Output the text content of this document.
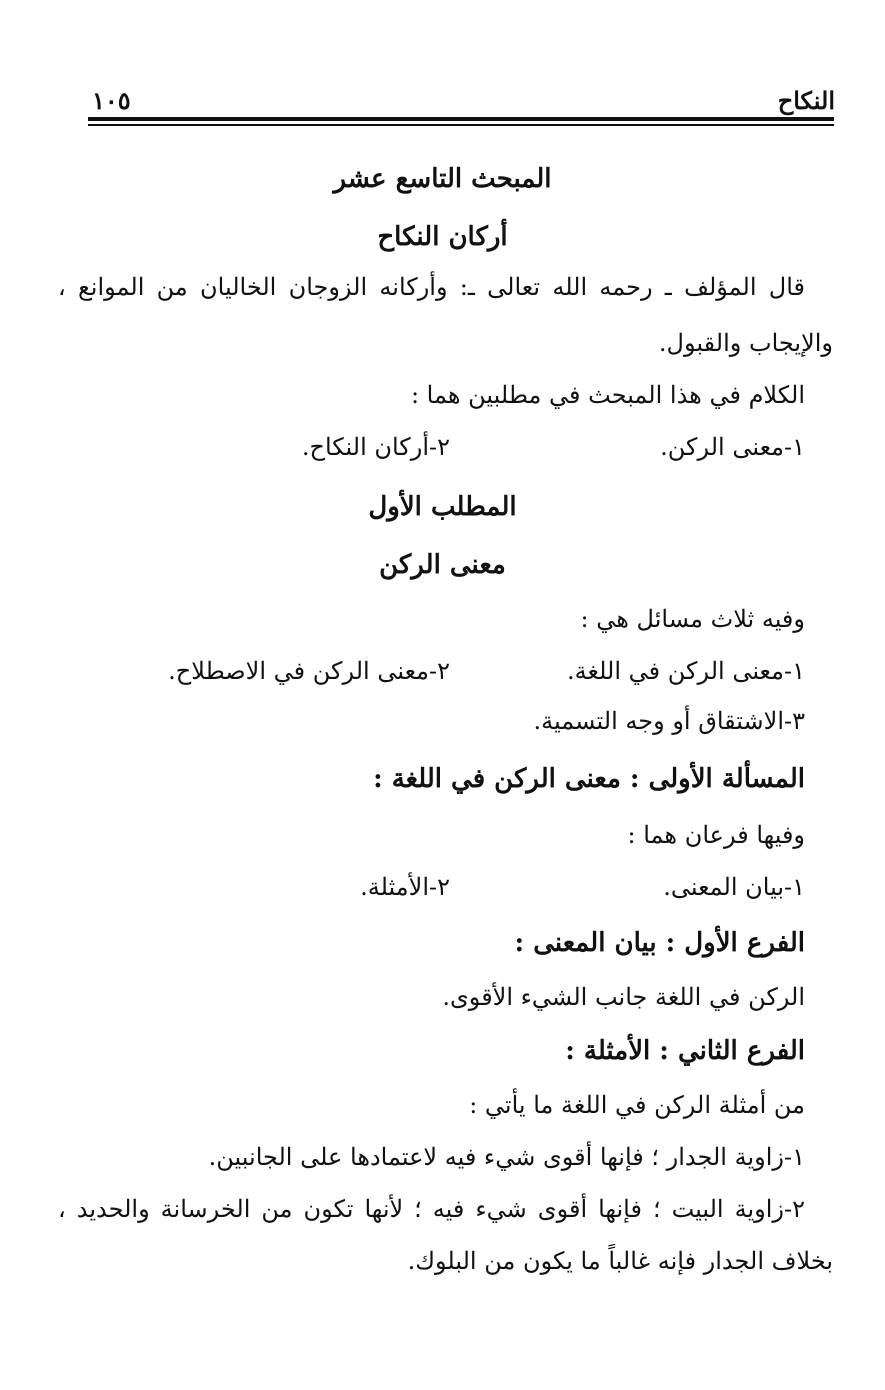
النكاح
١٠٥
المبحث التاسع عشر
أركان النكاح
قال المؤلف ـ رحمه الله تعالى ـ: وأركانه الزوجان الخاليان من الموانع ،
والإيجاب والقبول.
الكلام في هذا المبحث في مطلبين هما :
١-معنى الركن.
٢-أركان النكاح.
المطلب الأول
معنى الركن
وفيه ثلاث مسائل هي :
١-معنى الركن في اللغة.
٢-معنى الركن في الاصطلاح.
٣-الاشتقاق أو وجه التسمية.
المسألة الأولى : معنى الركن في اللغة :
وفيها فرعان هما :
١-بيان المعنى.
٢-الأمثلة.
الفرع الأول : بيان المعنى :
الركن في اللغة جانب الشيء الأقوى.
الفرع الثاني : الأمثلة :
من أمثلة الركن في اللغة ما يأتي :
١-زاوية الجدار ؛ فإنها أقوى شيء فيه لاعتمادها على الجانبين.
٢-زاوية البيت ؛ فإنها أقوى شيء فيه ؛ لأنها تكون من الخرسانة والحديد ،
بخلاف الجدار فإنه غالباً ما يكون من البلوك.
